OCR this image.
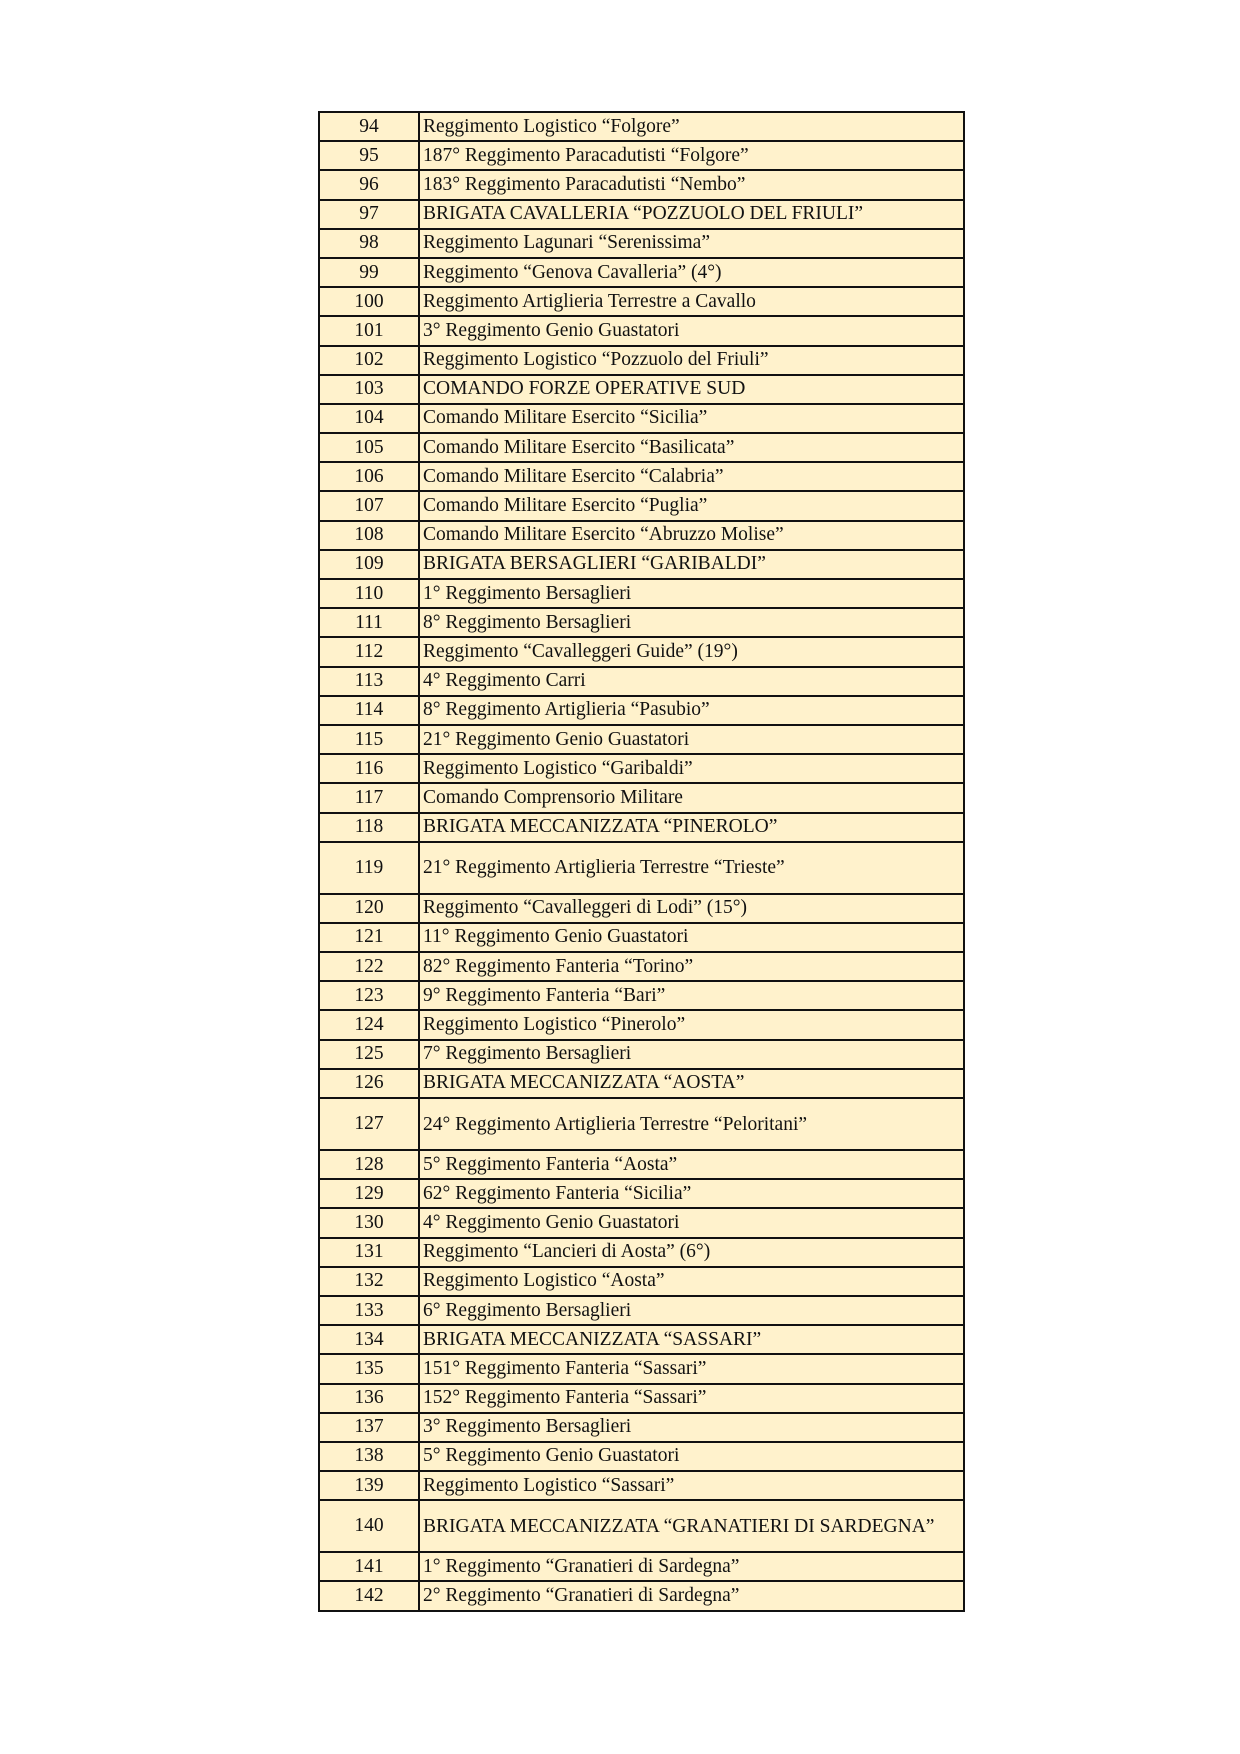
94	Reggimento Logistico “Folgore”
95	187° Reggimento Paracadutisti “Folgore”
96	183° Reggimento Paracadutisti “Nembo”
97	BRIGATA CAVALLERIA “POZZUOLO DEL FRIULI”
98	Reggimento Lagunari “Serenissima”
99	Reggimento “Genova Cavalleria” (4°)
100	Reggimento Artiglieria Terrestre a Cavallo
101	3° Reggimento Genio Guastatori
102	Reggimento Logistico “Pozzuolo del Friuli”
103	COMANDO FORZE OPERATIVE SUD
104	Comando Militare Esercito “Sicilia”
105	Comando Militare Esercito “Basilicata”
106	Comando Militare Esercito “Calabria”
107	Comando Militare Esercito “Puglia”
108	Comando Militare Esercito “Abruzzo Molise”
109	BRIGATA BERSAGLIERI “GARIBALDI”
110	1° Reggimento Bersaglieri
111	8° Reggimento Bersaglieri
112	Reggimento “Cavalleggeri Guide” (19°)
113	4° Reggimento Carri
114	8° Reggimento Artiglieria “Pasubio”
115	21° Reggimento Genio Guastatori
116	Reggimento Logistico “Garibaldi”
117	Comando Comprensorio Militare
118	BRIGATA MECCANIZZATA “PINEROLO”
119	21° Reggimento Artiglieria Terrestre “Trieste”
120	Reggimento “Cavalleggeri di Lodi” (15°)
121	11° Reggimento Genio Guastatori
122	82° Reggimento Fanteria “Torino”
123	9° Reggimento Fanteria “Bari”
124	Reggimento Logistico “Pinerolo”
125	7° Reggimento Bersaglieri
126	BRIGATA MECCANIZZATA “AOSTA”
127	24° Reggimento Artiglieria Terrestre “Peloritani”
128	5° Reggimento Fanteria “Aosta”
129	62° Reggimento Fanteria “Sicilia”
130	4° Reggimento Genio Guastatori
131	Reggimento “Lancieri di Aosta” (6°)
132	Reggimento Logistico “Aosta”
133	6° Reggimento Bersaglieri
134	BRIGATA MECCANIZZATA “SASSARI”
135	151° Reggimento Fanteria “Sassari”
136	152° Reggimento Fanteria “Sassari”
137	3° Reggimento Bersaglieri
138	5° Reggimento Genio Guastatori
139	Reggimento Logistico “Sassari”
140	BRIGATA MECCANIZZATA “GRANATIERI DI SARDEGNA”
141	1° Reggimento “Granatieri di Sardegna”
142	2° Reggimento “Granatieri di Sardegna”
